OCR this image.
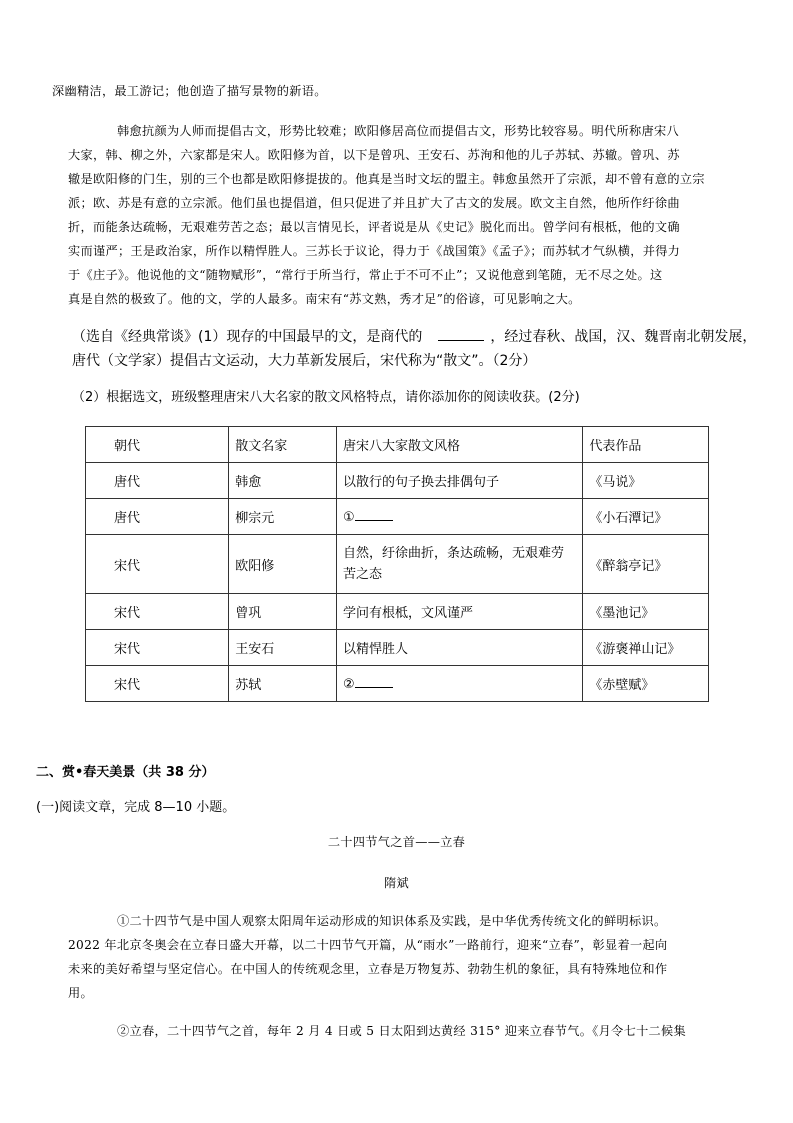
深幽精洁，最工游记；他创造了描写景物的新语。
韩愈抗颜为人师而提倡古文，形势比较难；欧阳修居高位而提倡古文，形势比较容易。明代所称唐宋八
大家，韩、柳之外，六家都是宋人。欧阳修为首，以下是曾巩、王安石、苏洵和他的儿子苏轼、苏辙。曾巩、苏
辙是欧阳修的门生，别的三个也都是欧阳修提拔的。他真是当时文坛的盟主。韩愈虽然开了宗派，却不曾有意的立宗
派；欧、苏是有意的立宗派。他们虽也提倡道，但只促进了并且扩大了古文的发展。欧文主自然，他所作纡徐曲
折，而能条达疏畅，无艰难劳苦之态；最以言情见长，评者说是从《史记》脱化而出。曾学问有根柢，他的文确
实而谨严；王是政治家，所作以精悍胜人。三苏长于议论，得力于《战国策》《孟子》；而苏轼才气纵横，并得力
于《庄子》。他说他的文“随物赋形”，“常行于所当行，常止于不可不止”；又说他意到笔随，无不尽之处。这
真是自然的极致了。他的文，学的人最多。南宋有“苏文熟，秀才足”的俗谚，可见影响之大。
（选自《经典常谈》(1）现存的中国最早的文，是商代的	，经过春秋、战国，汉、魏晋南北朝发展，
唐代（文学家）提倡古文运动，大力革新发展后，宋代称为“散文”。（2分）
（2）根据选文，班级整理唐宋八大名家的散文风格特点，请你添加你的阅读收获。(2分)
朝代	散文名家	唐宋八大家散文风格	代表作品
唐代	韩愈	以散行的句子换去排偶句子	《马说》
唐代	柳宗元	①	《小石潭记》
宋代	欧阳修	自然，纡徐曲折，条达疏畅，无艰难劳苦之态	《醉翁亭记》
宋代	曾巩	学问有根柢，文风谨严	《墨池记》
宋代	王安石	以精悍胜人	《游褒禅山记》
宋代	苏轼	②	《赤壁赋》
二、赏•春天美景（共 38 分）
(一)阅读文章，完成 8—10 小题。
二十四节气之首——立春
隋斌
①二十四节气是中国人观察太阳周年运动形成的知识体系及实践，是中华优秀传统文化的鲜明标识。
2022 年北京冬奥会在立春日盛大开幕，以二十四节气开篇，从“雨水”一路前行，迎来“立春”，彰显着一起向
未来的美好希望与坚定信心。在中国人的传统观念里，立春是万物复苏、勃勃生机的象征，具有特殊地位和作
用。
②立春，二十四节气之首，每年 2 月 4 日或 5 日太阳到达黄经 315° 迎来立春节气。《月令七十二候集
